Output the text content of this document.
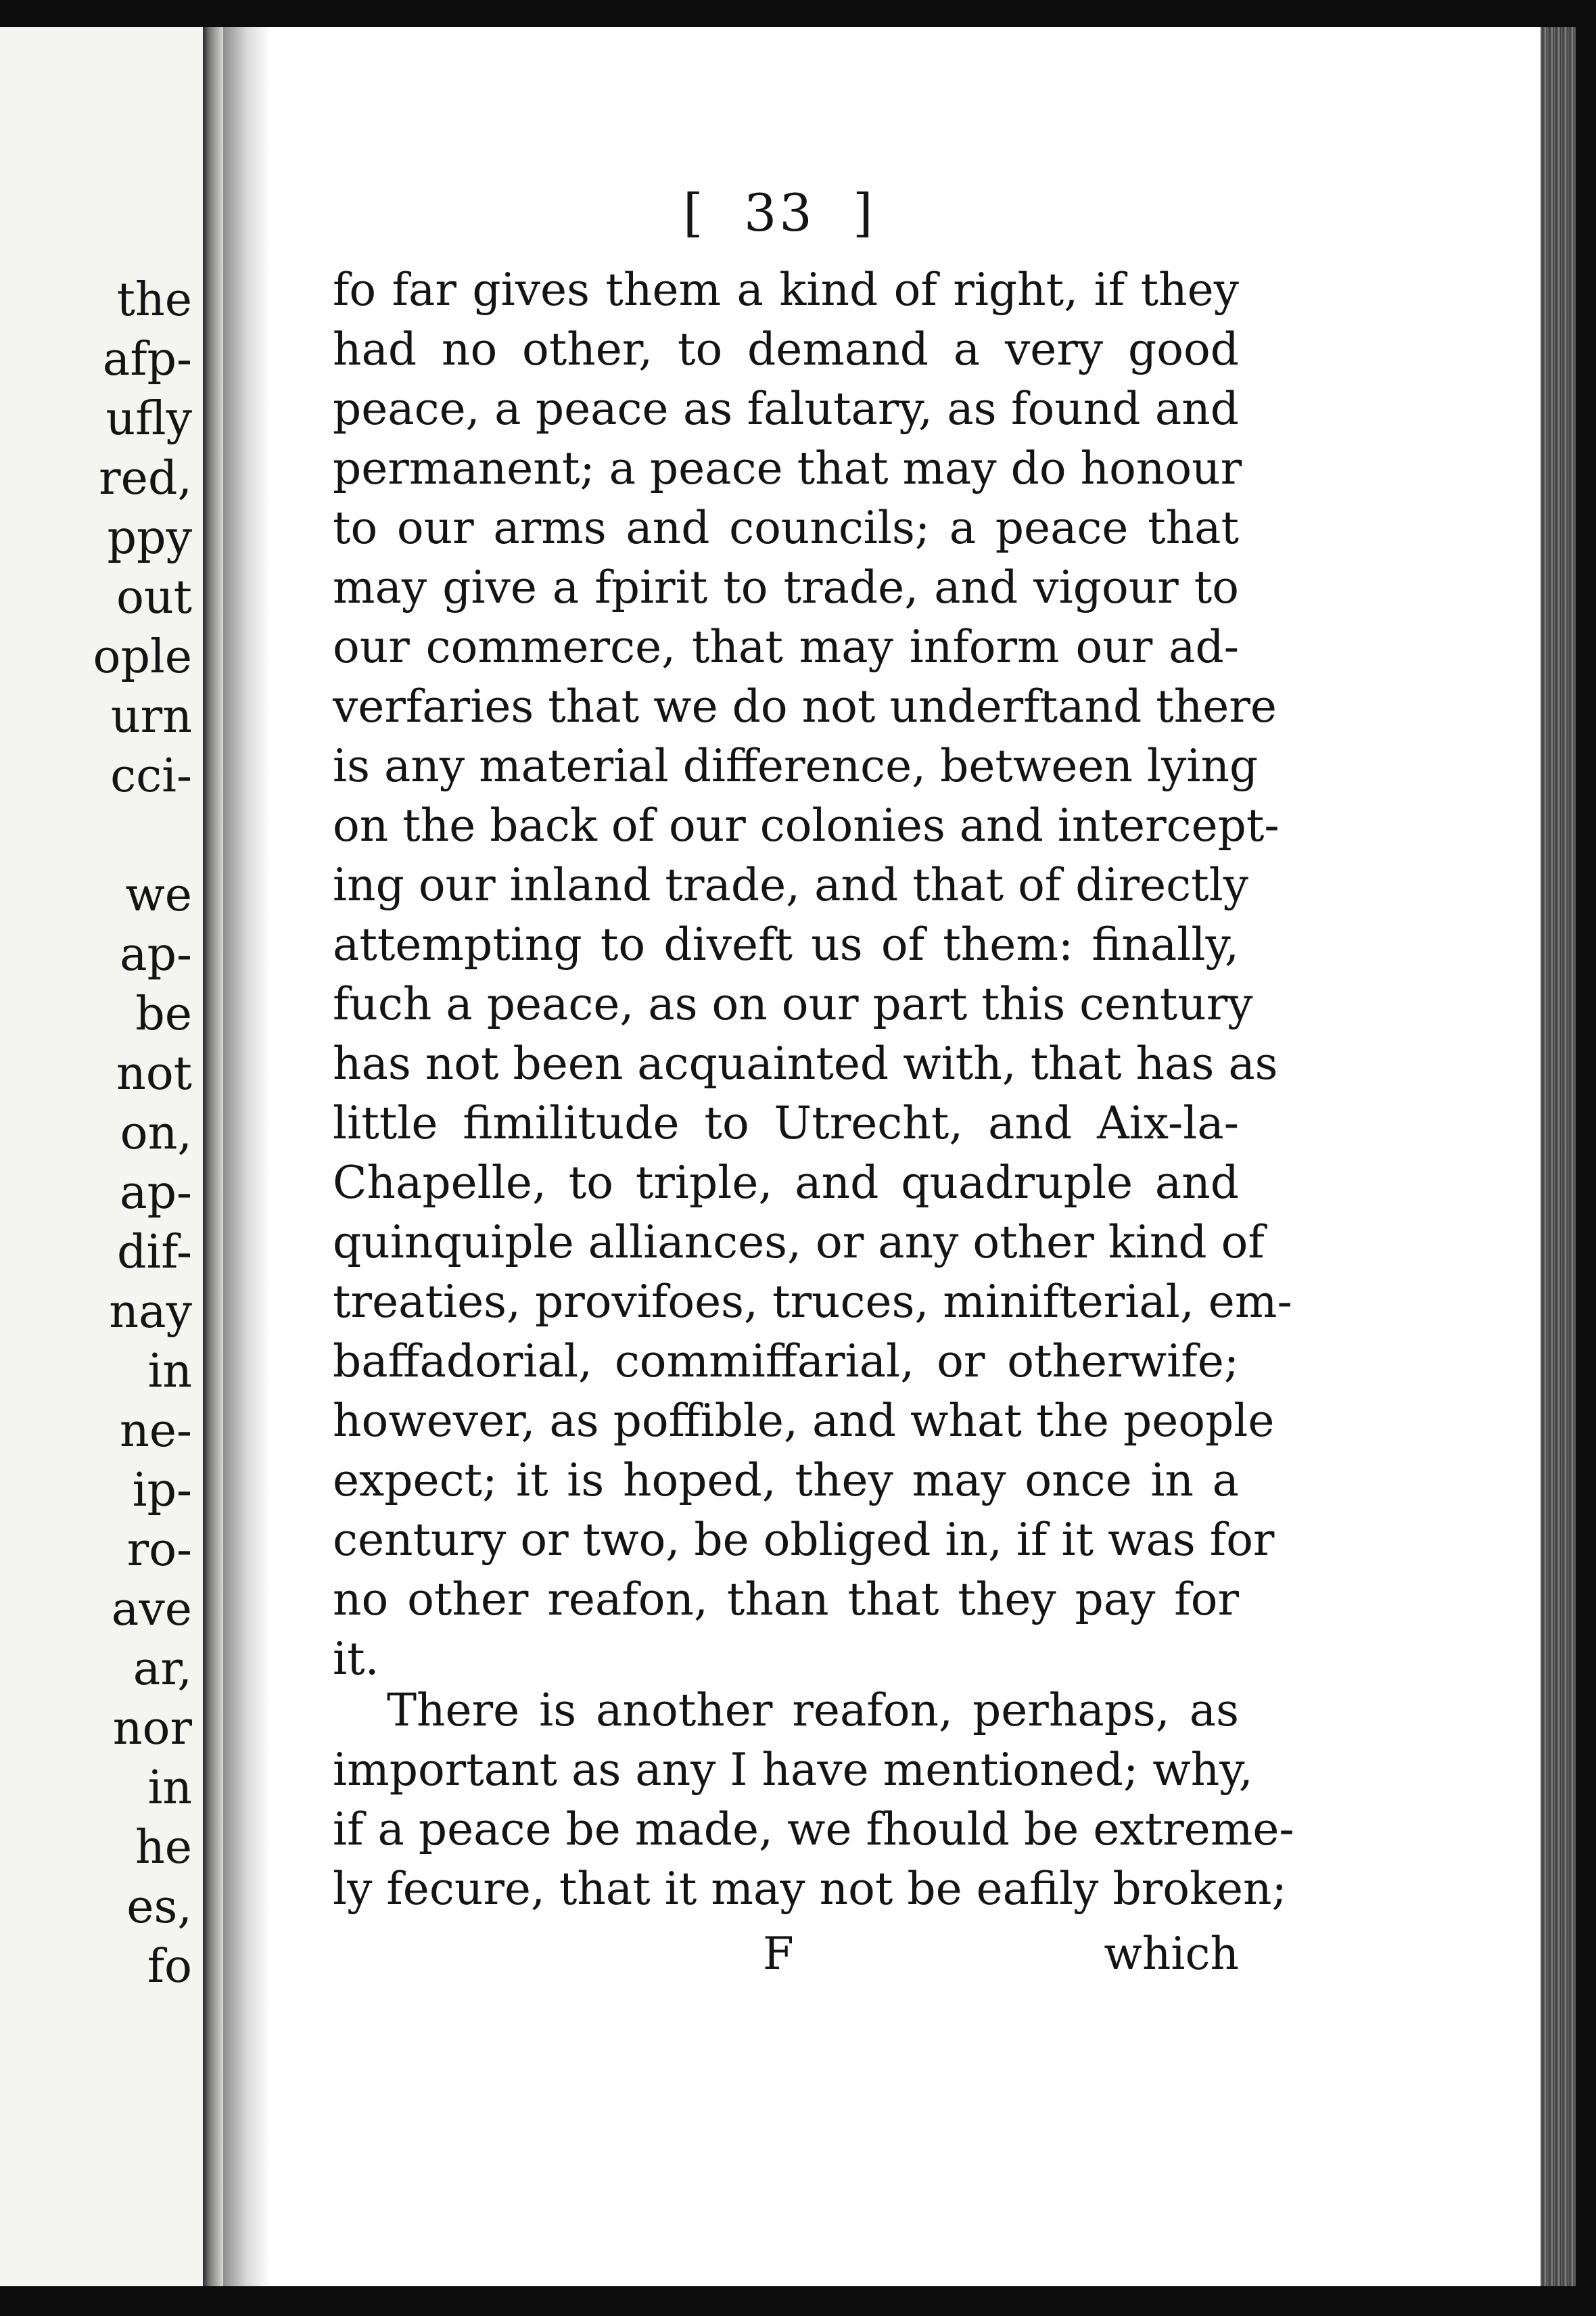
the
afp-
ufly
red,
ppy
out
ople
urn
cci-
we
ap-
be
not
on,
ap-
dif-
nay
in
ne-
ip-
ro-
ave
ar,
nor
in
he
es,
fo
[  33  ]
fo far gives them a kind of right, if they
had no other, to demand a very good
peace, a peace as falutary, as found and
permanent; a peace that may do honour
to our arms and councils; a peace that
may give a fpirit to trade, and vigour to
our commerce, that may inform our ad-
verfaries that we do not underftand there
is any material difference, between lying
on the back of our colonies and intercept-
ing our inland trade, and that of directly
attempting to diveft us of them: finally,
fuch a peace, as on our part this century
has not been acquainted with, that has as
little fimilitude to Utrecht, and Aix-la-
Chapelle, to triple, and quadruple and
quinquiple alliances, or any other kind of
treaties, provifoes, truces, minifterial, em-
baffadorial, commiffarial, or otherwife;
however, as poffible, and what the people
expect; it is hoped, they may once in a
century or two, be obliged in, if it was for
no other reafon, than that they pay for
it.
There is another reafon, perhaps, as
important as any I have mentioned; why,
if a peace be made, we fhould be extreme-
ly fecure, that it may not be eafily broken;
F	which
